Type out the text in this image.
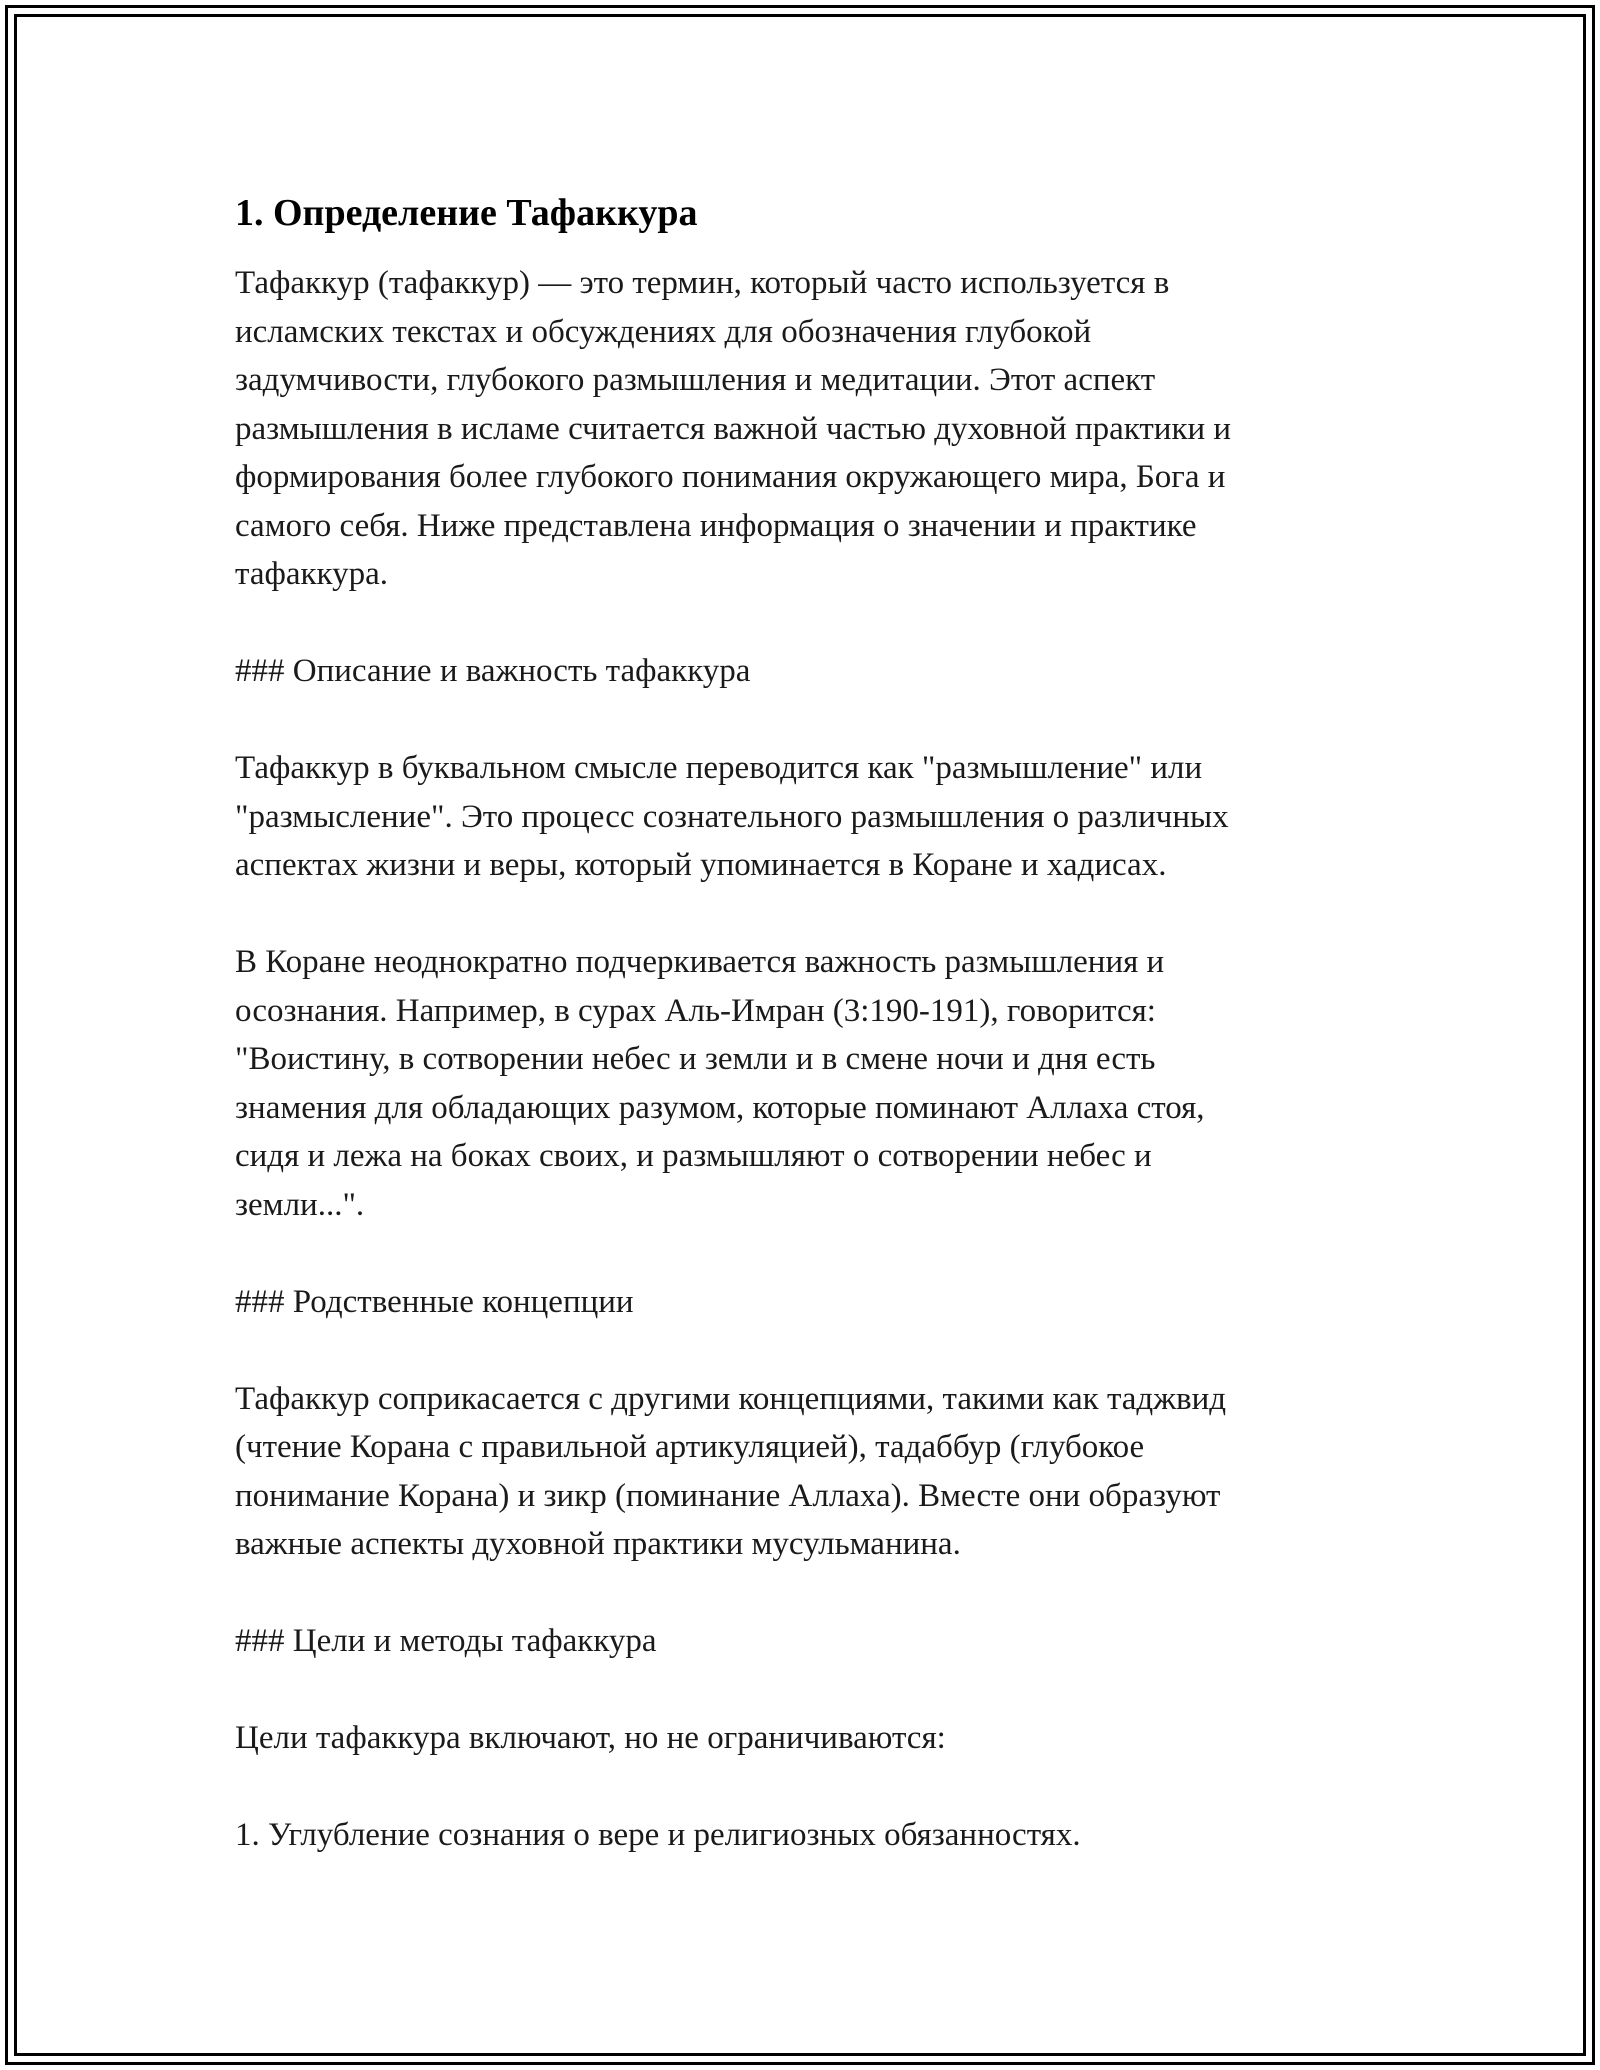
1. Определение Тафаккура

Тафаккур (тафаккур) — это термин, который часто используется в
исламских текстах и обсуждениях для обозначения глубокой
задумчивости, глубокого размышления и медитации. Этот аспект
размышления в исламе считается важной частью духовной практики и
формирования более глубокого понимания окружающего мира, Бога и
самого себя. Ниже представлена информация о значении и практике
тафаккура.

### Описание и важность тафаккура

Тафаккур в буквальном смысле переводится как "размышление" или
"размысление". Это процесс сознательного размышления о различных
аспектах жизни и веры, который упоминается в Коране и хадисах.

В Коране неоднократно подчеркивается важность размышления и
осознания. Например, в сурах Аль-Имран (3:190-191), говорится:
"Воистину, в сотворении небес и земли и в смене ночи и дня есть
знамения для обладающих разумом, которые поминают Аллаха стоя,
сидя и лежа на боках своих, и размышляют о сотворении небес и
земли...".

### Родственные концепции

Тафаккур соприкасается с другими концепциями, такими как таджвид
(чтение Корана с правильной артикуляцией), тадаббур (глубокое
понимание Корана) и зикр (поминание Аллаха). Вместе они образуют
важные аспекты духовной практики мусульманина.

### Цели и методы тафаккура

Цели тафаккура включают, но не ограничиваются:

1. Углубление сознания о вере и религиозных обязанностях.
